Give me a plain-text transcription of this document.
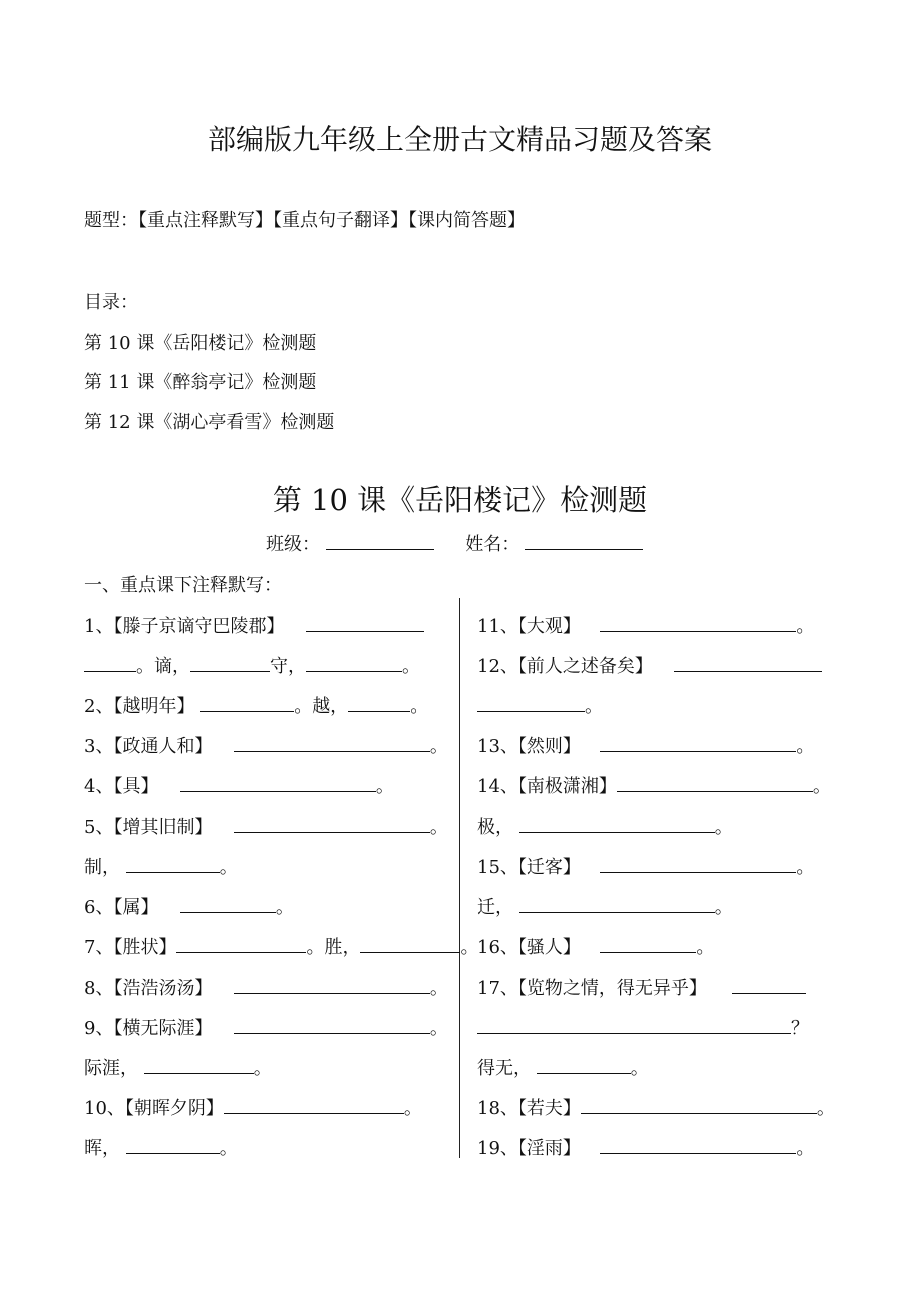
部编版九年级上全册古文精品习题及答案
题型：【重点注释默写】【重点句子翻译】【课内简答题】
目录：
第 10 课《岳阳楼记》检测题
第 11 课《醉翁亭记》检测题
第 12 课《湖心亭看雪》检测题
第 10 课《岳阳楼记》检测题
班级：	姓名：
一、重点课下注释默写：
1、【滕子京谪守巴陵郡】
。谪，	守，	。
2、【越明年】	。越，	。
3、【政通人和】	。
4、【具】	。
5、【增其旧制】	。
制，	。
6、【属】	。
7、【胜状】	。胜，	。
8、【浩浩汤汤】	。
9、【横无际涯】	。
际涯，	。
10、【朝晖夕阴】	。
晖，	。
11、【大观】	。
12、【前人之述备矣】
。
13、【然则】	。
14、【南极潇湘】	。
极，	。
15、【迁客】	。
迁，	。
16、【骚人】	。
17、【览物之情，得无异乎】
？
得无，	。
18、【若夫】	。
19、【淫雨】	。
